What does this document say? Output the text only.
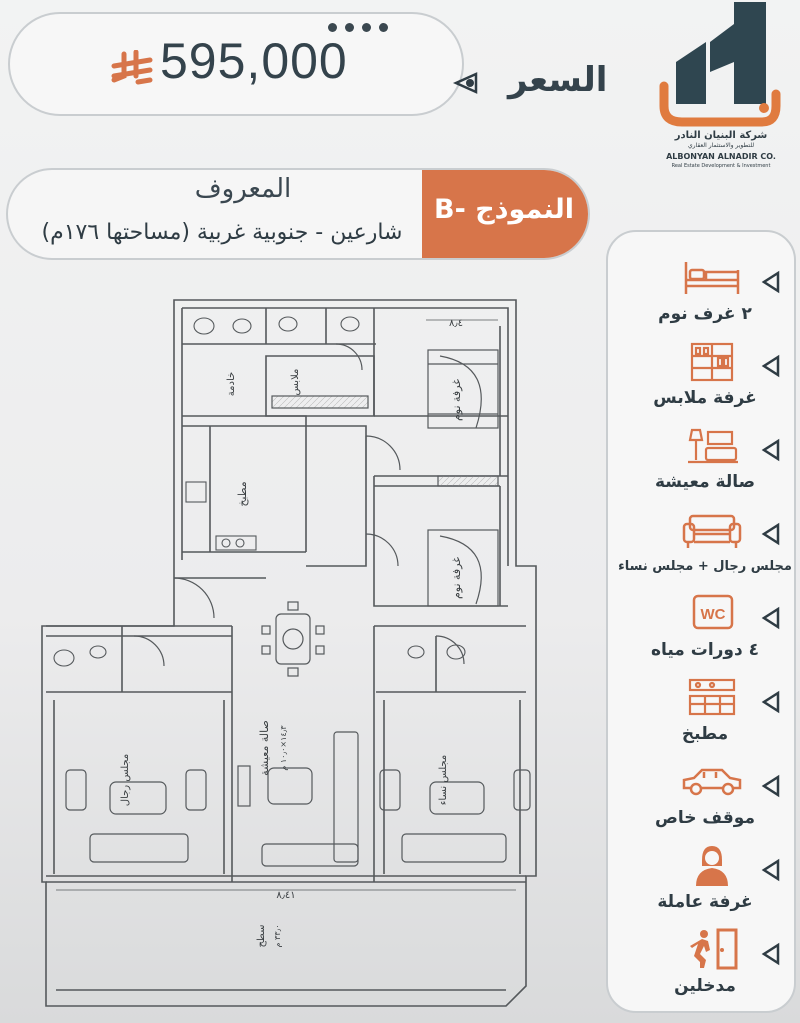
595,000	السعر
شركة البنيان النادر
للتطوير والاستثمار العقاري
ALBONYAN ALNADIR CO.
Real Estate Development & Investment
المعروف
شارعين - جنوبية غربية (مساحتها ١٧٦م)
النموذج -B
٢ غرف نوم
غرفة ملابس
صالة معيشة
مجلس رجال + مجلس نساء
WC
٤ دورات مياه
مطبخ
موقف خاص
غرفة عاملة
مدخلين
غرفة نوم
غرفة نوم
خادمة	ملابس
مطبخ
صالة معيشة ١٤٫٣×١٠٫٠ م
مجلس رجال	مجلس نساء
سطح ٣٣٫٠ م
٨٫٤
٨٫٤١
